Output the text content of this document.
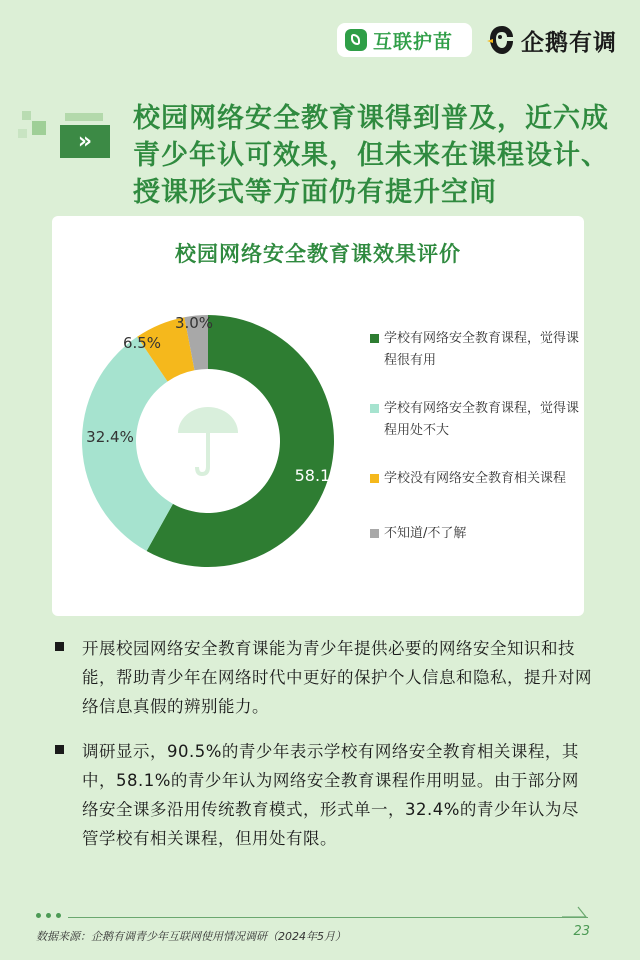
互联护苗	企鹅有调
»
校园网络安全教育课得到普及，近六成青少年认可效果，但未来在课程设计、授课形式等方面仍有提升空间
校园网络安全教育课效果评价
58.1%
32.4%
6.5%
3.0%
学校有网络安全教育课程，觉得课程很有用
学校有网络安全教育课程，觉得课程用处不大
学校没有网络安全教育相关课程
不知道/不了解
开展校园网络安全教育课能为青少年提供必要的网络安全知识和技能，帮助青少年在网络时代中更好的保护个人信息和隐私，提升对网络信息真假的辨别能力。
调研显示，90.5%的青少年表示学校有网络安全教育相关课程，其中，58.1%的青少年认为网络安全教育课程作用明显。由于部分网络安全课多沿用传统教育模式，形式单一，32.4%的青少年认为尽管学校有相关课程，但用处有限。
数据来源：企鹅有调青少年互联网使用情况调研（2024年5月）	23
